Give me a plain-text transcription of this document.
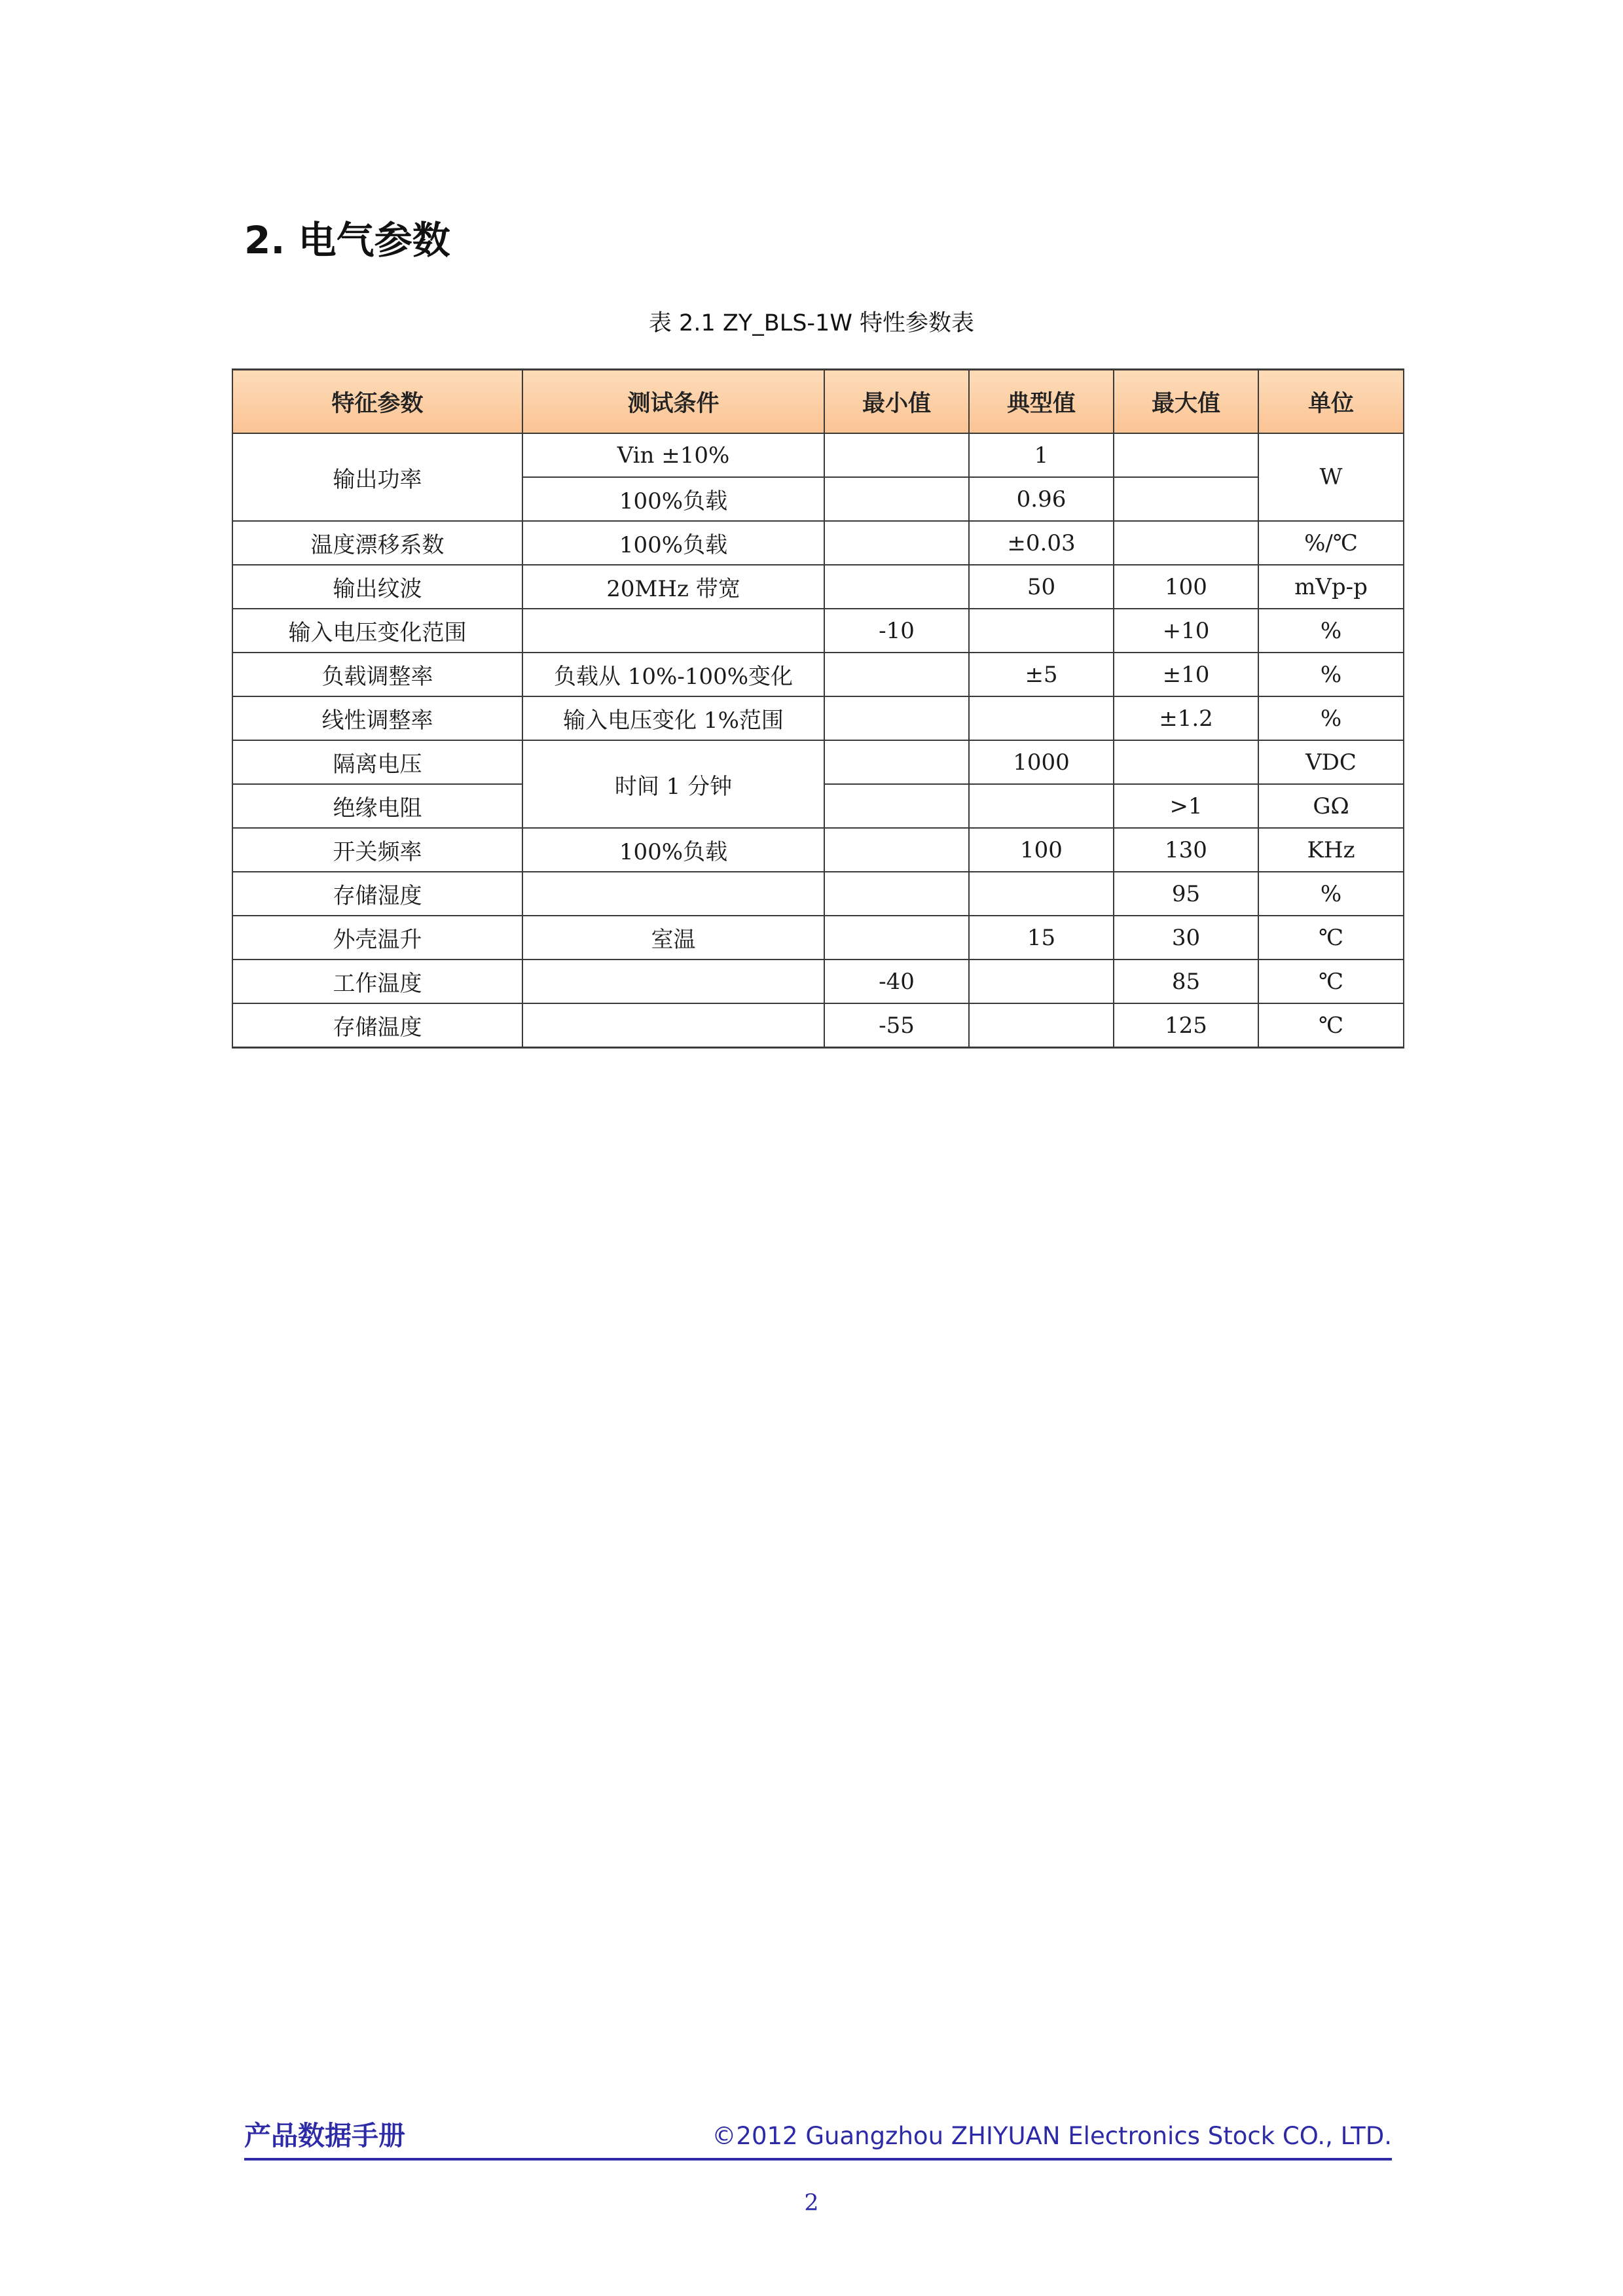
2. 电气参数
表 2.1 ZY_BLS-1W 特性参数表
特征参数	测试条件	最小值	典型值	最大值	单位
输出功率	Vin ±10%		1		W
	100%负载		0.96		
温度漂移系数	100%负载		±0.03		%/℃
输出纹波	20MHz 带宽		50	100	mVp-p
输入电压变化范围		-10		+10	%
负载调整率	负载从 10%-100%变化		±5	±10	%
线性调整率	输入电压变化 1%范围			±1.2	%
隔离电压	时间 1 分钟		1000		VDC
绝缘电阻				>1	GΩ
开关频率	100%负载		100	130	KHz
存储湿度				95	%
外壳温升	室温		15	30	℃
工作温度		-40		85	℃
存储温度		-55		125	℃
产品数据手册	©2012 Guangzhou ZHIYUAN Electronics Stock CO., LTD.
2
